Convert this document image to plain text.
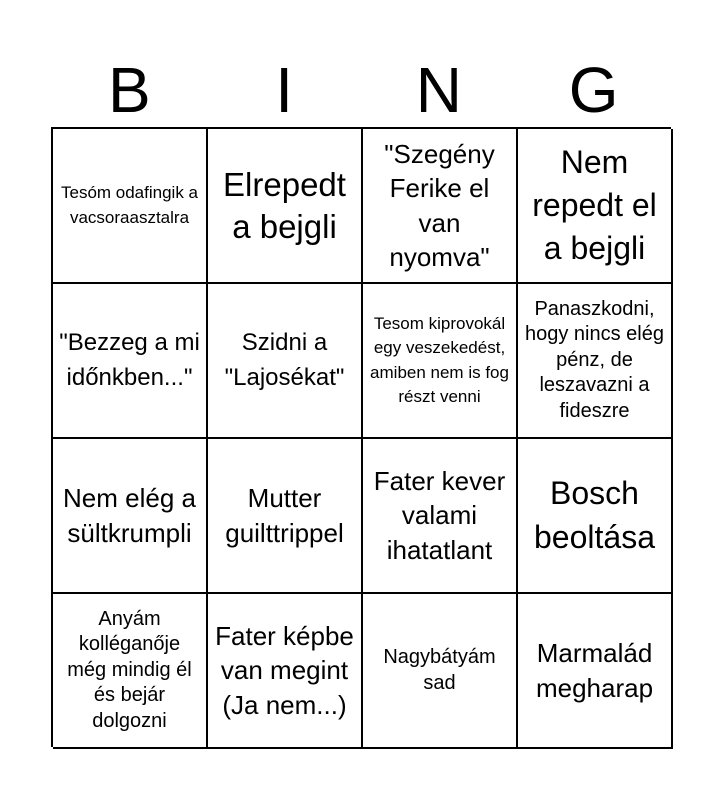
B	I	N	G
Tesóm odafingik a vacsoraasztalra
Elrepedt a bejgli
"Szegény Ferike el van nyomva"
Nem repedt el a bejgli
"Bezzeg a mi időnkben..."
Szidni a "Lajosékat"
Tesom kiprovokál egy veszekedést, amiben nem is fog részt venni
Panaszkodni, hogy nincs elég pénz, de leszavazni a fideszre
Nem elég a sültkrumpli
Mutter guilttrippel
Fater kever valami ihatatlant
Bosch beoltása
Anyám kolléganője még mindig él és bejár dolgozni
Fater képbe van megint (Ja nem...)
Nagybátyám sad
Marmalád megharap
